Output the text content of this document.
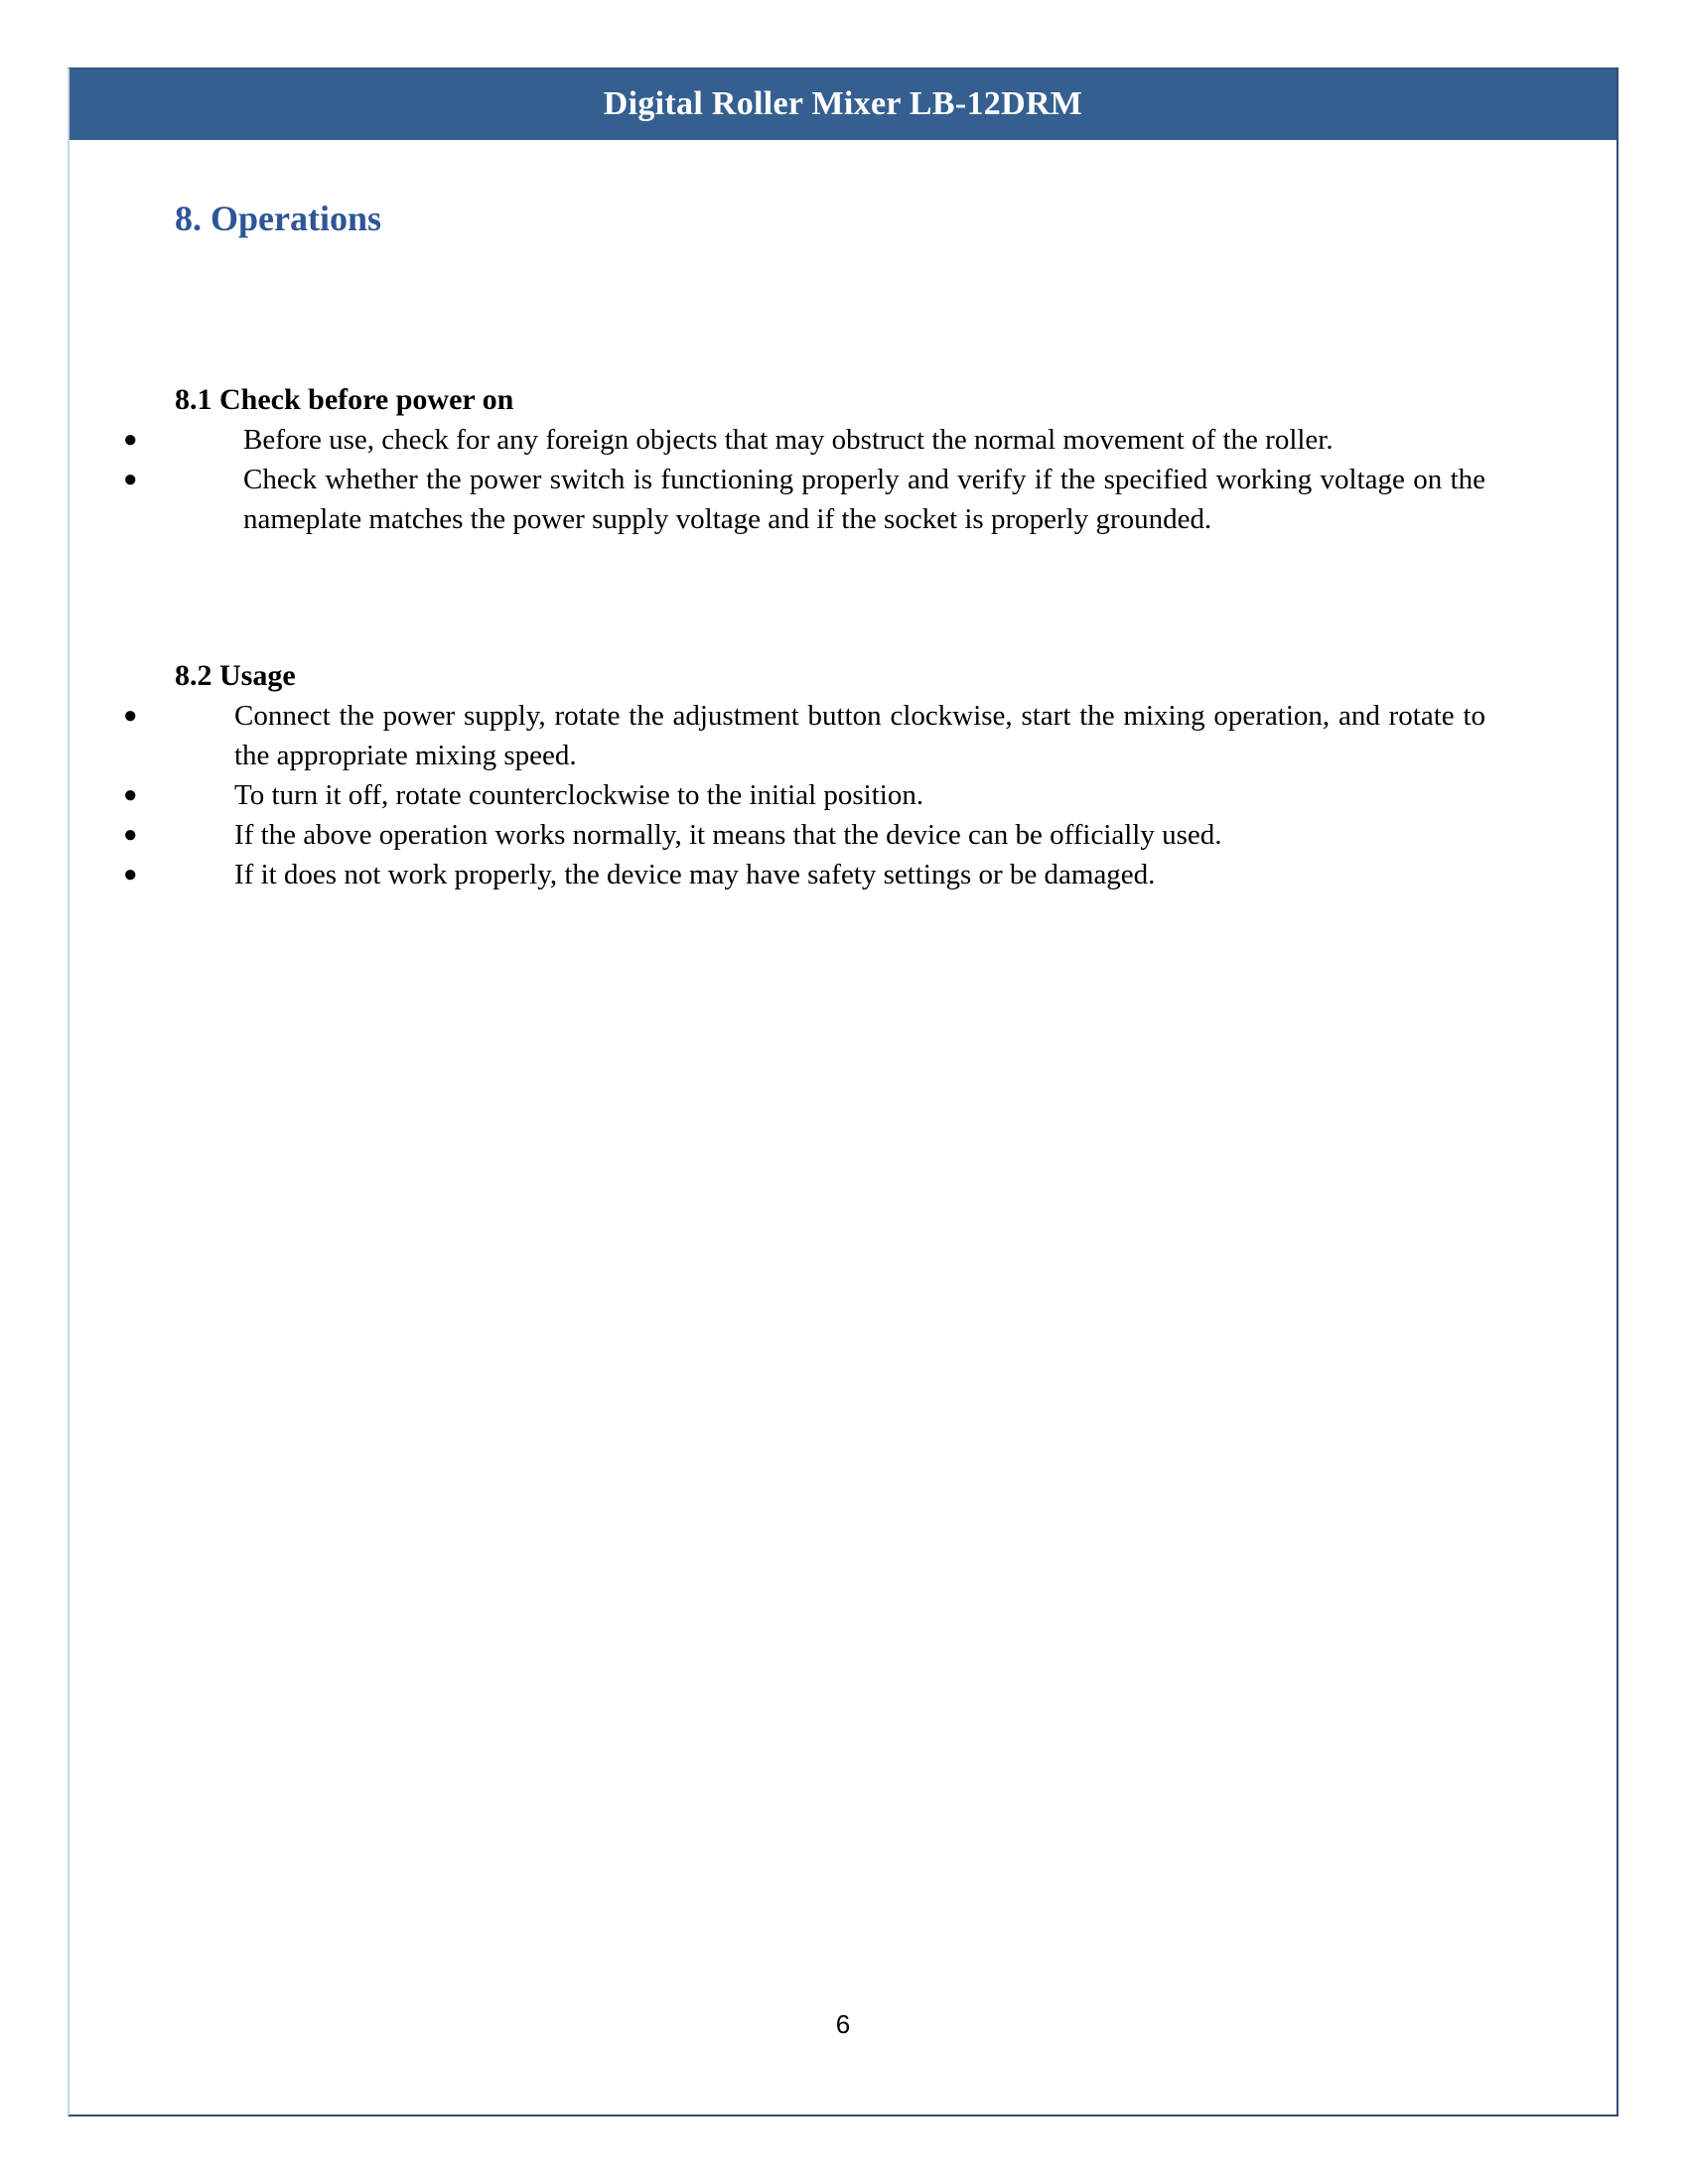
Digital Roller Mixer LB-12DRM
8. Operations
8.1 Check before power on
●	Before use, check for any foreign objects that may obstruct the normal movement of the roller.
●	Check whether the power switch is functioning properly and verify if the specified working voltage on the nameplate matches the power supply voltage and if the socket is properly grounded.
8.2 Usage
●	Connect the power supply, rotate the adjustment button clockwise, start the mixing operation, and rotate to the appropriate mixing speed.
●	To turn it off, rotate counterclockwise to the initial position.
●	If the above operation works normally, it means that the device can be officially used.
●	If it does not work properly, the device may have safety settings or be damaged.
6
